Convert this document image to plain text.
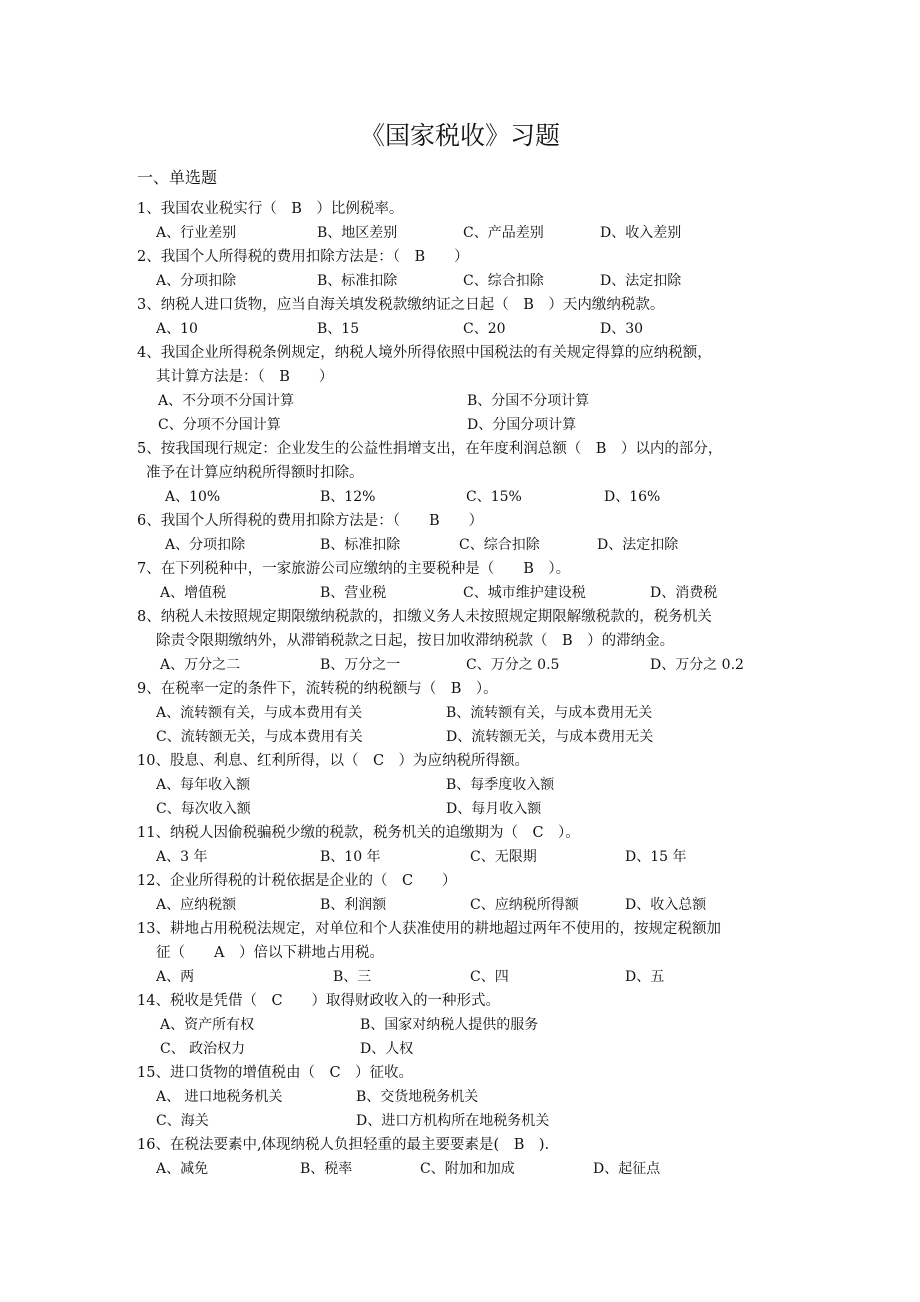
《国家税收》习题
一、单选题
1、我国农业税实行（　B　）比例税率。
A、行业差别	B、地区差别	C、产品差别	D、收入差别
2、我国个人所得税的费用扣除方法是：（　B　　）
A、分项扣除	B、标准扣除	C、综合扣除	D、法定扣除
3、纳税人进口货物，应当自海关填发税款缴纳证之日起（　B　）天内缴纳税款。
A、10	B、15	C、20	D、30
4、我国企业所得税条例规定，纳税人境外所得依照中国税法的有关规定得算的应纳税额，
其计算方法是：（　B　　）
A、不分项不分国计算	B、分国不分项计算
C、分项不分国计算	D、分国分项计算
5、按我国现行规定：企业发生的公益性捐增支出，在年度利润总额（　B　）以内的部分，
准予在计算应纳税所得额时扣除。
A、10%	B、12%	C、15%	D、16%
6、我国个人所得税的费用扣除方法是：（　　B　　）
A、分项扣除	B、标准扣除	C、综合扣除	D、法定扣除
7、在下列税种中，一家旅游公司应缴纳的主要税种是（　　B　）。
A、增值税	B、营业税	C、城市维护建设税	D、消费税
8、纳税人未按照规定期限缴纳税款的，扣缴义务人未按照规定期限解缴税款的，税务机关
除责令限期缴纳外，从滞销税款之日起，按日加收滞纳税款（　B　）的滞纳金。
A、万分之二	B、万分之一	C、万分之 0.5	D、万分之 0.2
9、在税率一定的条件下，流转税的纳税额与（　B　）。
A、流转额有关，与成本费用有关	B、流转额有关，与成本费用无关
C、流转额无关，与成本费用有关	D、流转额无关，与成本费用无关
10、股息、利息、红利所得，以（　C　）为应纳税所得额。
A、每年收入额	B、每季度收入额
C、每次收入额	D、每月收入额
11、纳税人因偷税骗税少缴的税款，税务机关的追缴期为（　C　）。
A、3 年	B、10 年	C、无限期	D、15 年
12、企业所得税的计税依据是企业的（　C　　）
A、应纳税额	B、利润额	C、应纳税所得额	D、收入总额
13、耕地占用税税法规定，对单位和个人获准使用的耕地超过两年不使用的，按规定税额加
征（　　A　）倍以下耕地占用税。
A、两	B、三	C、四	D、五
14、税收是凭借（　C　　）取得财政收入的一种形式。
A、资产所有权	B、国家对纳税人提供的服务
C、 政治权力	D、人权
15、进口货物的增值税由（　C　）征收。
A、 进口地税务机关	B、交货地税务机关
C、海关	D、进口方机构所在地税务机关
16、在税法要素中,体现纳税人负担轻重的最主要要素是(　B　).
A、减免	B、税率	C、附加和加成	D、起征点
